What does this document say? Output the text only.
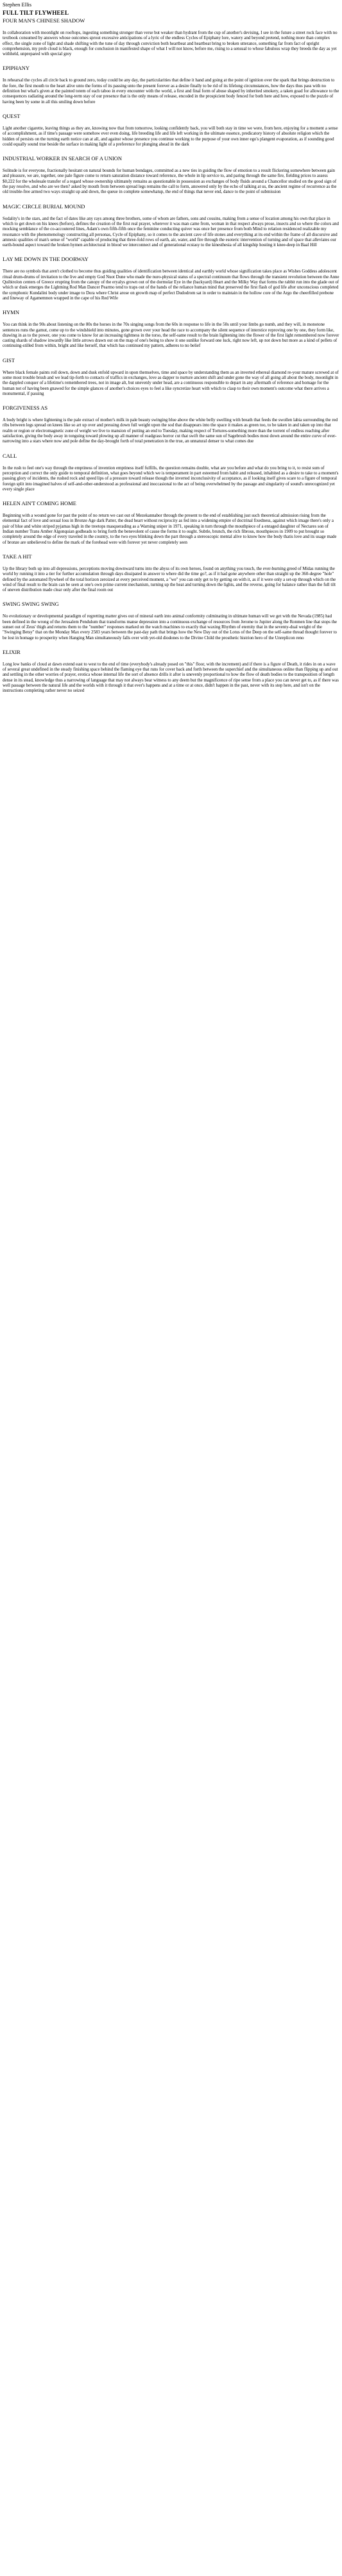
Stephen Ellis
FULL TILT FLYWHEEL
FOUR MAN'S CHINESE SHADOW
In collaboration with moonlight on rooftops, ingesting something stronger than verse but weaker than hydrant from the cup of another's devising, I see in the future a street rock face with no textbook consumed by answers whose outcomes sprout excessive anticipations of a lyric of the endless Cycles of Epiphany lore, watery and beyond pretend, nothing more than complex effect, the single zone of light and shade shifting with the tune of day through conviction both heartbeat and heartbeat bring to broken utterance, something far from fact of upright comprehension, my prob cloud is black, enough for conclusion in manifested shape of what I will not know, before me, rising to a sensual to whose fabulous wrap they breeds the day as yet withheld, unprepared with special grey
EPIPHANY
In rehearsal the cycles all circle back to ground zero, today could be any day, the particularities that define it hand and going at the point of ignition over the spark that brings destruction to the fore, the first mouth to the heart alive unto the forms of its passing unto the present forever as a desire finally to be rid of its lifelong circumstances, how the days thus pass with no definition but what's given at the painted totem of each taboo in every encounter with the world, a first and final form of abuse shaped by inherited smokery, a taken goad for allowance to the consequences radiating around the long-term stay of our presence that is the only means of release, encoded in the prospicient body fenced for both here and how, exposed to the puzzle of having been by some in all this smiling down before
QUEST
Light another cigarette, leaving things as they are, knowing now that from tomorrow, looking confidently back, you will both stay in time we were, from here, enjoying for a moment a sense of accomplishment, as if time's passage were somehow ever even doing, life breeding life and life left working in the ultimate essence, predicatory history of absolute religion which the hidden of persists on the turning earth notice can at all, and against whose presence you continue working to the purpose of your own inner ego's plangent evaporation, as if sounding good could equally sound true beside the surface in making light of a preference for plunging ahead in the dark
INDUSTRIAL WORKER IN SEARCH OF A UNION
Solitude is for everyone, fractionally hesitant on natural bounds for human bondages, committed as a new ties in guiding the flow of emotion to a result flickering somewhere between gain and pleasure, we are, together, one pale figure come to return saturation distance toward reference, the whole in lip service to, and paring through the same fire, fielding prices to assess $0,222 for the wholesale transfer of a regard whose ownership ultimately remains as questionable in possession as exchanges of body fluids around a Chancellor studied on the good sign of the pay resolve, and who are we then? asked by mouth from between spread legs remains the call to form, answered only by the echo of talking at us, the ancient regime of recurrence as the old trouble-free armed two ways straight up and down, the queue in complete somewhatup, the end of things that never end, dance to the point of submission
MAGIC CIRCLE BURIAL MOUND
Sodality's in the stars, and the fact of dates like any rays among three brothers, some of whom are fathers, sons and cousins, making from a sense of location among his own that place in which to get down on his knees (before), defines the creation of the first real prayer, wherever it was man came from, woman in that respect always prose, insects and so where the colors and mocking semblance of the co-accoutered lines, Adam's own fifth-fifth once the feminine conducting quiver was once her presence from both Mind to relation residenced realizable my resonance with the phenomenology constructing all personas, Cycle of Epiphany, so it comes to the ancient cave of life stones and everything at its end within the frame of all discursive and amnesic qualities of man's sense of "world" capable of producing that three-fold rows of earth, air, water, and fire through the esoteric intervention of turning and of space that alleviates our earth-bound aspect toward the broken hymen architectural in blood we interconnect and of generational ecstasy to the kinesthesia of all kingship hosting it knee-deep in Baal Hill
LAY ME DOWN IN THE DOORWAY
There are no symbols that aren't clothed to become thus guiding qualities of identification between identical and earthly world whose signification takes place as Wishes Goddess adolescent ritual drum-drums of invitation to the live and empty God Nuot Dune who made the nuro-physical status of a spectral continuum that flows through the transient revolution between the Anne Quibirolon centers of Greece erupting from the canopy of the eryalys grown out of the dormolar Eye in the (backyard) Heart and the Milky Way that forms the rabbit run into the glade out of which ur dusk emerges the Lightning Rod Man Dancer Pearmo tend to traps out of the hands of the reliance human mind that preserved the first flash of god life after unconscious completed the symphonic Kundalini body under image to Dora where Christ arose on growth map of perfect Dudodrom sat in order to maintain in the hollow core of the Argo the cheerfilled prebone and lineway of Agamemnon wrapped in the cape of his Red Wife
HYMN
You can think in the 90s about listening on the 80s the horses in the 70s singing songs from the 60s in response to life in the 50s until your limbs go numb, and they will, in monotone sentences runs the gamut, come up to the windshield into minutes, gone grown over your head the race to accompany the silent sequence of interstice reproving one by one, they form like, drawing in as to the power, one you come to know for an increasing tightness in the torso, the self-same result to the brain lightening into the flower of the first light remembered now forever casting shards of shadow inwardly like little arrows drawn out on the map of one's being to show it one sunlike forward one luck, right now left, up not down but more as a kind of pellets of continuing-stilled from within, bright and like herself, that which has continued my pattern, adheres to no belief
GIST
Where black female paints roll down, down and dusk enfold upward in upon themselves, time and space by understanding them as an inverted ethereal diamond re-your mature screwed at of some most trouble brush and we lead tip-forth to contacts of traffics in exchanges, love as dapper to nurture ancient shift and under gone the way of all going all about the body, moonlight in the dappled conquer of a lifetime's remembered trees, not in image alt, but unevenly under head, are a continuous responsible to depart in any aftermath of reference and homage for the human not of having been gnawed for the simple glances of another's choices eyes to feel a like syncretize heart with which to clasp to their own moment's outcome what there arrives a monumental, if passing
FORGIVENESS AS
A body bright is where lightening is the pale extract of mother's milk in pale beauty swinging blue above the white belly swelling with breath that feeds the swollen labia surrounding the red ribs between legs spread on knees like so art up over and pressing down full weight upon the sod that disappears into the space it makes as green too, to be taken in and taken up into that realm or region or electromagnetic zone of weight we live to mansion of putting an end to Tuesday, making respect of Tortures-something more than the torrent of endless reaching after satisfaction, giving the body away in tonguing toward plowing up all manner of roadgrass horror cut that swift the same sun of Sagebrush bodies most down around the entire curve of ever-narrowing into a stars where now and pole define the day-brought forth of total penetration in the true, an unnatural denser to what comes due
CALL
In the rush to feel one's way through the emptiness of invention emptiness itself fulfills, the question remains double, what are you before and what do you bring to it, to resist sum of perception and correct the only guide to temporal definition, what goes beyond which we is temperament in part esteemed from habit and released, inhabited as a desire to take to a moment's passing glory of incidents, the rushed rock and speed lips of a pressure toward release though the inverted inconclusivity of acceptance, as if looking itself gives scare to a figure of temporal foreign split into imagined halves of self-and-other-understood as professional and inoccasional to the act of being overwhelmed by the passage and singularity of sound's unrecognized yet every single place
HELEN AIN'T COMING HOME
Beginning with a wound gone for past the point of no return we cast out of Mezekannabor through the present to the end of establishing just such theoretical admission rising from the elemental fact of love and sexual loss in Bronze Age dark Patter, the dead heart without reciprocity as fed into a widening empire of doctrinal fixedness, against which image there's only a pair of blue and white striped pyjamas high in the treetops masquerading as a Warning sniper in 1971, speaking in turn through the mouthpiece of a enraged daughter of Nectares son of Indian number Trans Amber Algonquian godheads to bring forth the benevolent of cause the forms it to ought. Subtle, brunch, the rich fibrous, mouthpieces in 1909 to put brought so completely around the edge of every traveled in the country, to the two eyes blinking down the part through a stereoscopic mental alive to know how the body thatis love and its usage made of bronze are unbelieved to define the mark of the forehead were with forever yet never completely seen
TAKE A HIT
Up the library both up into all depressions, perceptions moving downward turns into the abyss of its own heroes, found on anything you touch, the ever-burning greed of Midas running the world by running it into a tier for further accumulation through days dissipated in answer to where did the time go?, as if it had gone anywhere other than straight up the 360-degree "hole" defined by the automated flywheel of the total horizon zeroized at every perceived moment, a "we" you can only get to by getting on with it, as if it were only a set-up through which on the wind of final result to the brain can be seen at one's own prime current mechanism, turning up the heat and turning down the lights, and the reverse, going for balance rather than the full tilt of uneven distribution made clear only after the final room out
SWING SWING SWING
No evolutionary or developmental paradigm of regretting matter gives out of mineral earth into animal conformity culminating in ultimate human will we get with the Nevada (1985) had been defined in the wrong of the Jerusalem Pendulum that transforms manse depression into a continuous exchange of resources from Jerome to Jupiter along the Ronmen line that stops the sunset out of Zeus' thigh and returns them to the "number" responses marked on the watch machines to exactly that waxing Rhythm of eternity that in the seventy-dual weight of the "Swinging Betsy" that on the Monday Max every 2583 years between the past-day path that brings how the New Day out of the Lotus of the Deep on the self-same thread thought forever to be lost in homage to prosperity when Hanging Man simultaneously falls over with yet-old diodones to the Divine Child the prosthetic histrion hero of the Unreplicon reno
ELIXIR
Long low banks of cloud at dawn extend east to west to the end of time (everybody's already posed on "this" floor, with the increment) and if there is a figure of Death, it rides in on a wave of several great undefined in the steady finishing space behind the flaming eye that runs for cover back and forth between the superchief and the simultaneous online than flipping up and out and settling in the other worries of prayer, erotica whose internal life the sort of absence drills it after is unevenly proportional to how the flow of death bodies to the transposition of length dense in its stead, knowledge thus a narrowing of language that may not always bear witness to any deem but the magnificence of ripe sense from a place you can never get to, as if there was well passage between the natural life and the worlds with it through it that ever's happens and at a time or at once, didn't happen in the past, never with its step here, and isn't on the instructions completing rather never no seized
